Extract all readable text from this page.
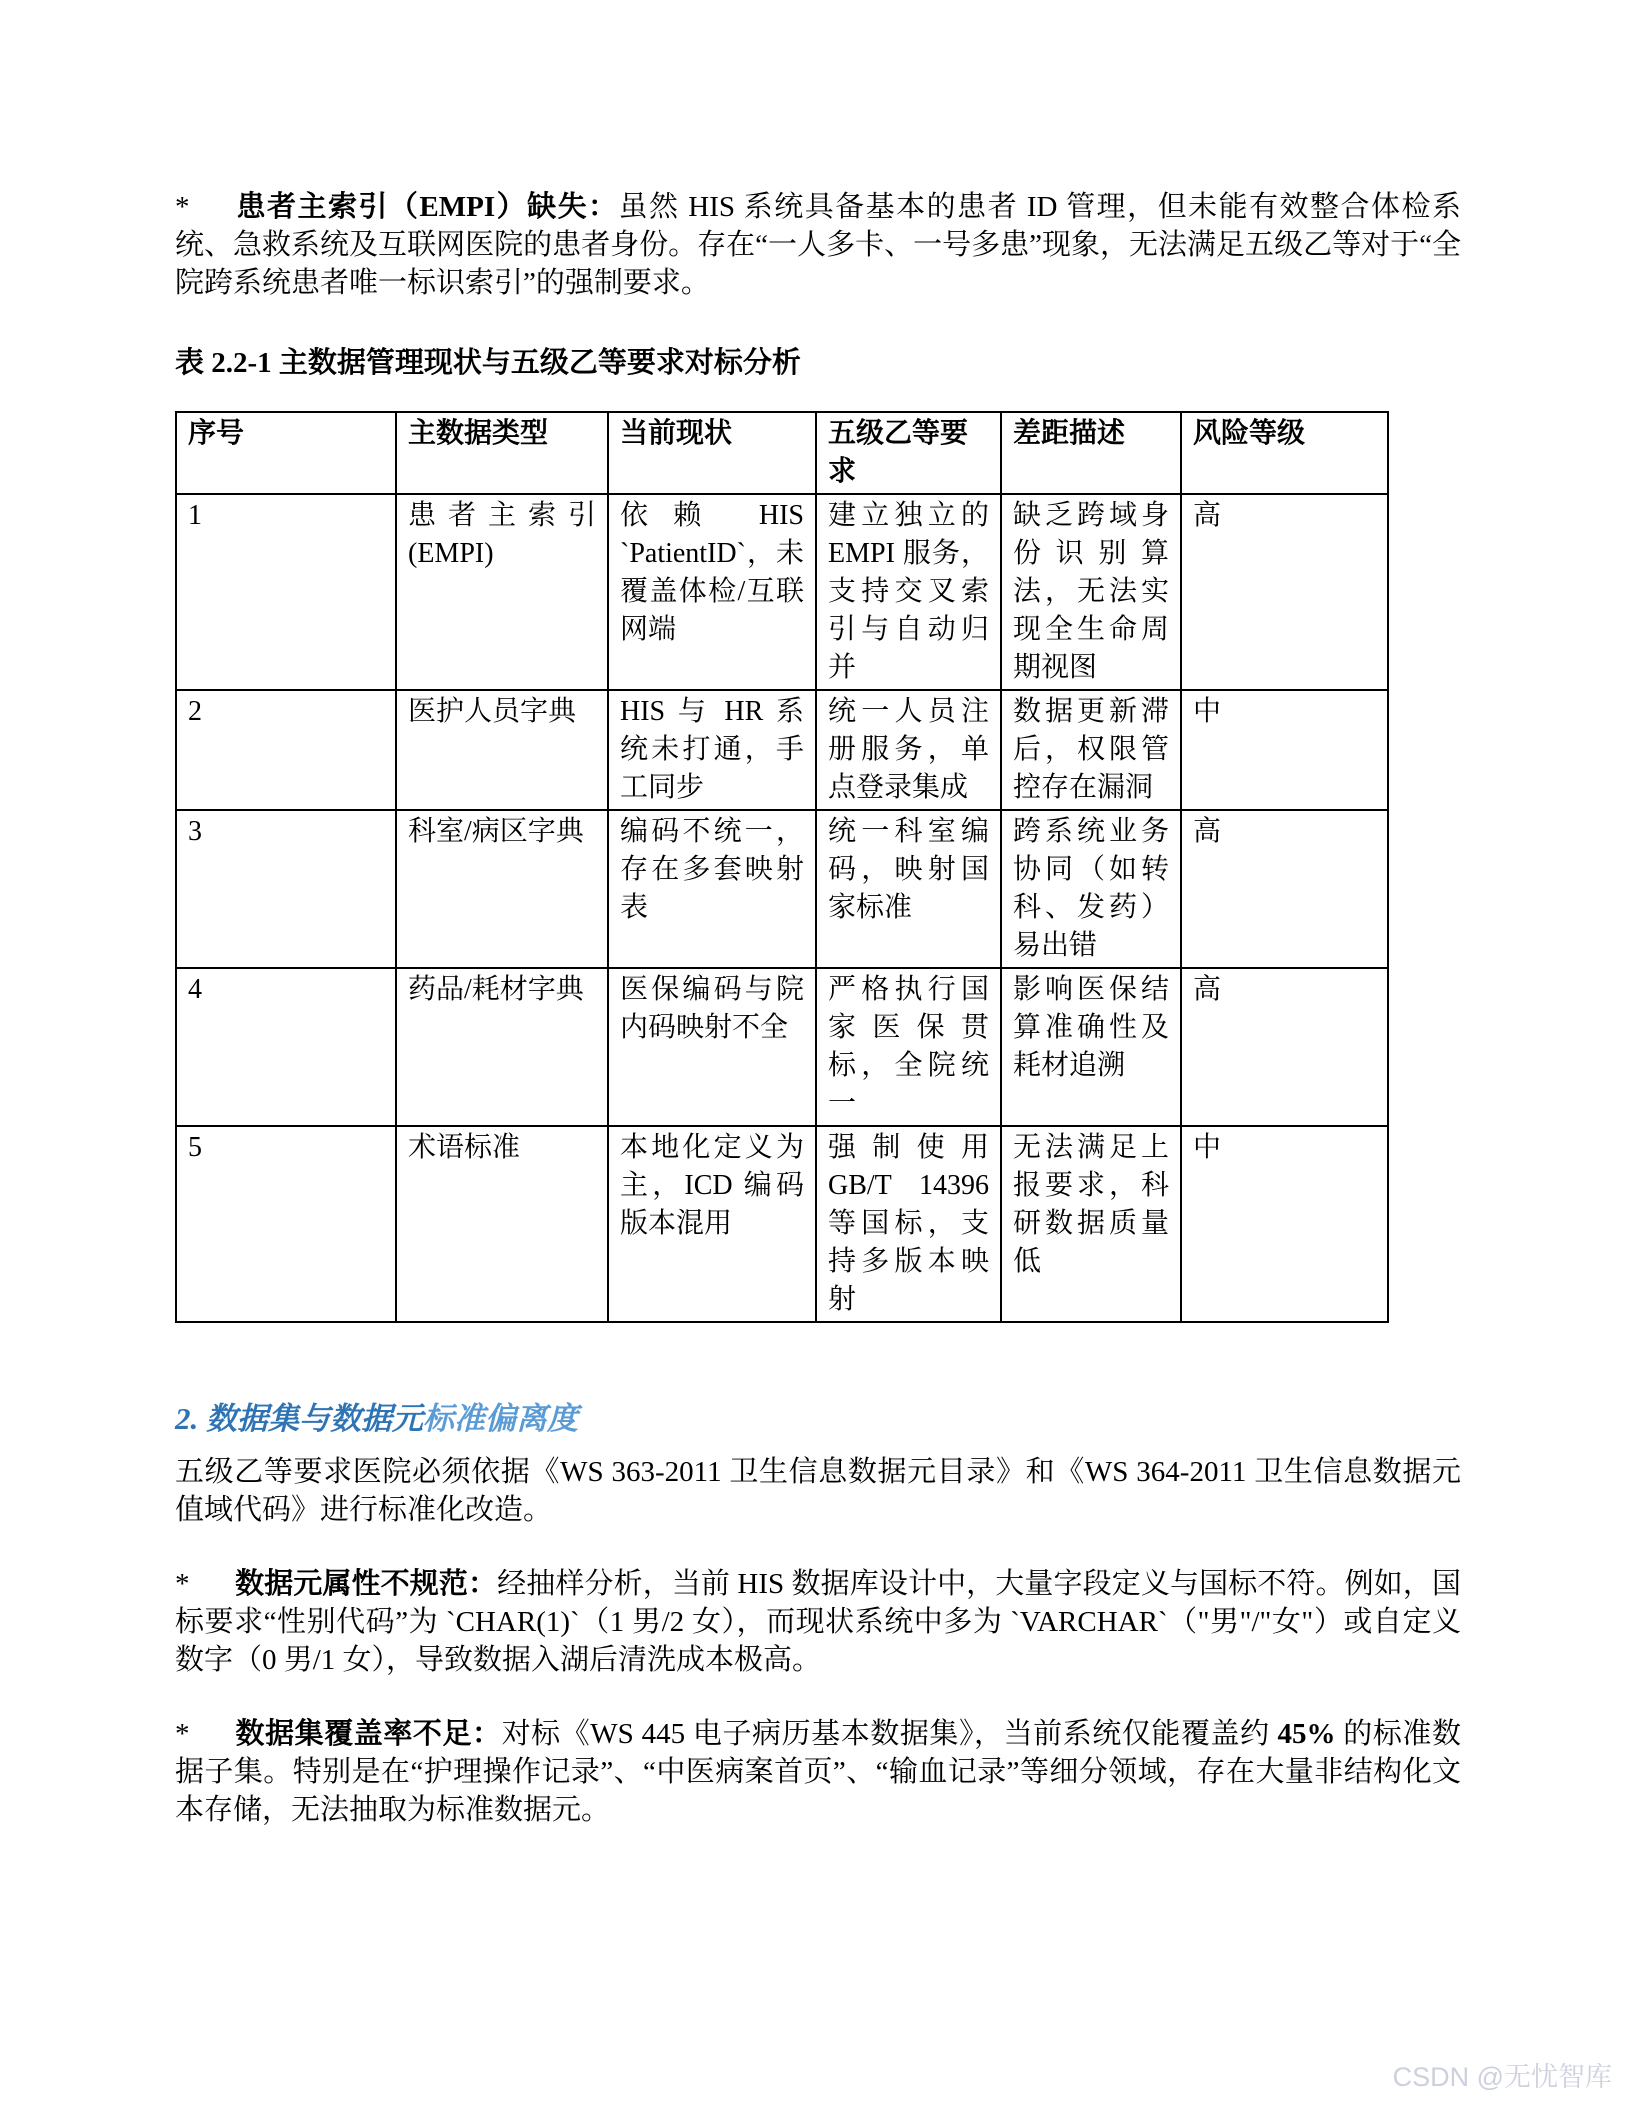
* 患者主索引（EMPI）缺失：虽然 HIS 系统具备基本的患者 ID 管理，但未能有效整合体检系统、急救系统及互联网医院的患者身份。存在“一人多卡、一号多患”现象，无法满足五级乙等对于“全院跨系统患者唯一标识索引”的强制要求。

表 2.2-1 主数据管理现状与五级乙等要求对标分析

序号	主数据类型	当前现状	五级乙等要求	差距描述	风险等级
1	患者主索引(EMPI)	依赖 HIS `PatientID`，未覆盖体检/互联网端	建立独立的 EMPI 服务，支持交叉索引与自动归并	缺乏跨域身份识别算法，无法实现全生命周期视图	高
2	医护人员字典	HIS 与 HR 系统未打通，手工同步	统一人员注册服务，单点登录集成	数据更新滞后，权限管控存在漏洞	中
3	科室/病区字典	编码不统一，存在多套映射表	统一科室编码，映射国家标准	跨系统业务协同（如转科、发药）易出错	高
4	药品/耗材字典	医保编码与院内码映射不全	严格执行国家医保贯标，全院统一	影响医保结算准确性及耗材追溯	高
5	术语标准	本地化定义为主，ICD 编码版本混用	强制使用 GB/T 14396 等国标，支持多版本映射	无法满足上报要求，科研数据质量低	中

2. 数据集与数据元标准偏离度

五级乙等要求医院必须依据《WS 363-2011 卫生信息数据元目录》和《WS 364-2011 卫生信息数据元值域代码》进行标准化改造。

* 数据元属性不规范：经抽样分析，当前 HIS 数据库设计中，大量字段定义与国标不符。例如，国标要求“性别代码”为 `CHAR(1)`（1 男/2 女），而现状系统中多为 `VARCHAR`（"男"/"女"）或自定义数字（0 男/1 女），导致数据入湖后清洗成本极高。

* 数据集覆盖率不足：对标《WS 445 电子病历基本数据集》，当前系统仅能覆盖约 45% 的标准数据子集。特别是在“护理操作记录”、“中医病案首页”、“输血记录”等细分领域，存在大量非结构化文本存储，无法抽取为标准数据元。

CSDN @无忧智库
